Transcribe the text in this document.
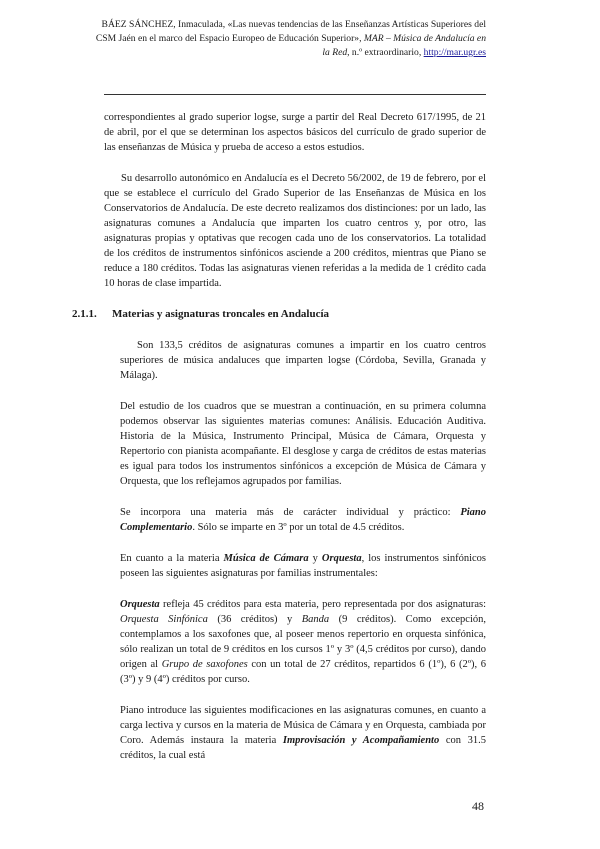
BÁEZ SÁNCHEZ, Inmaculada, «Las nuevas tendencias de las Enseñanzas Artísticas Superiores del
CSM Jaén en el marco del Espacio Europeo de Educación Superior», MAR – Música de Andalucía en
la Red, n.º extraordinario, http://mar.ugr.es

correspondientes al grado superior logse, surge a partir del Real Decreto 617/1995, de 21 de abril, por el que se determinan los aspectos básicos del currículo de grado superior de las enseñanzas de Música y prueba de acceso a estos estudios.

Su desarrollo autonómico en Andalucía es el Decreto 56/2002, de 19 de febrero, por el que se establece el currículo del Grado Superior de las Enseñanzas de Música en los Conservatorios de Andalucía. De este decreto realizamos dos distinciones: por un lado, las asignaturas comunes a Andalucía que imparten los cuatro centros y, por otro, las asignaturas propias y optativas que recogen cada uno de los conservatorios. La totalidad de los créditos de instrumentos sinfónicos asciende a 200 créditos, mientras que Piano se reduce a 180 créditos. Todas las asignaturas vienen referidas a la medida de 1 crédito cada 10 horas de clase impartida.

2.1.1. Materias y asignaturas troncales en Andalucía

Son 133,5 créditos de asignaturas comunes a impartir en los cuatro centros superiores de música andaluces que imparten logse (Córdoba, Sevilla, Granada y Málaga).

Del estudio de los cuadros que se muestran a continuación, en su primera columna podemos observar las siguientes materias comunes: Análisis. Educación Auditiva. Historia de la Música, Instrumento Principal, Música de Cámara, Orquesta y Repertorio con pianista acompañante. El desglose y carga de créditos de estas materias es igual para todos los instrumentos sinfónicos a excepción de Música de Cámara y Orquesta, que los reflejamos agrupados por familias.

Se incorpora una materia más de carácter individual y práctico: Piano Complementario. Sólo se imparte en 3º por un total de 4.5 créditos.

En cuanto a la materia Música de Cámara y Orquesta, los instrumentos sinfónicos poseen las siguientes asignaturas por familias instrumentales:

Orquesta refleja 45 créditos para esta materia, pero representada por dos asignaturas: Orquesta Sinfónica (36 créditos) y Banda (9 créditos). Como excepción, contemplamos a los saxofones que, al poseer menos repertorio en orquesta sinfónica, sólo realizan un total de 9 créditos en los cursos 1º y 3º (4,5 créditos por curso), dando origen al Grupo de saxofones con un total de 27 créditos, repartidos 6 (1º), 6 (2º), 6 (3º) y 9 (4º) créditos por curso.

Piano introduce las siguientes modificaciones en las asignaturas comunes, en cuanto a carga lectiva y cursos en la materia de Música de Cámara y en Orquesta, cambiada por Coro. Además instaura la materia Improvisación y Acompañamiento con 31.5 créditos, la cual está

48
